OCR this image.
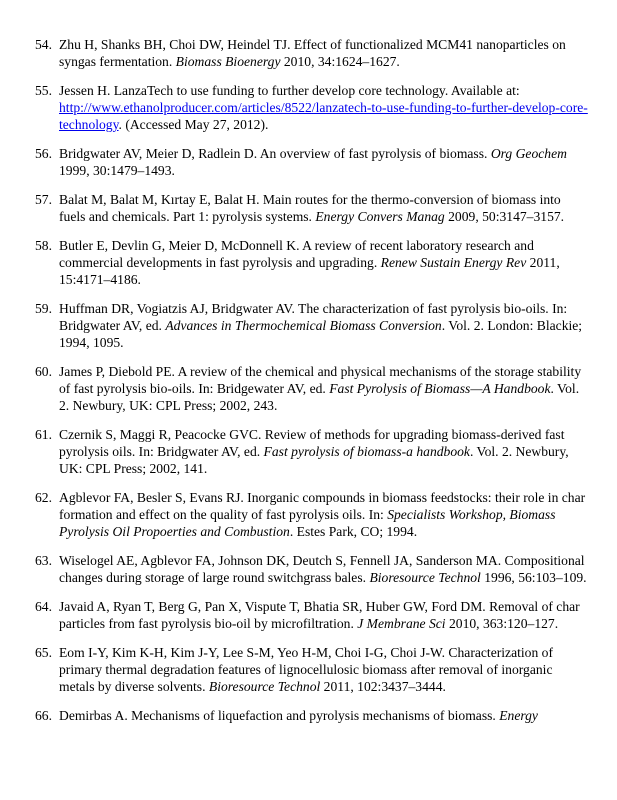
54. Zhu H, Shanks BH, Choi DW, Heindel TJ. Effect of functionalized MCM41 nanoparticles on syngas fermentation. Biomass Bioenergy 2010, 34:1624–1627.
55. Jessen H. LanzaTech to use funding to further develop core technology. Available at: http://www.ethanolproducer.com/articles/8522/lanzatech-to-use-funding-to-further-develop-core-technology. (Accessed May 27, 2012).
56. Bridgwater AV, Meier D, Radlein D. An overview of fast pyrolysis of biomass. Org Geochem 1999, 30:1479–1493.
57. Balat M, Balat M, Kırtay E, Balat H. Main routes for the thermo-conversion of biomass into fuels and chemicals. Part 1: pyrolysis systems. Energy Convers Manag 2009, 50:3147–3157.
58. Butler E, Devlin G, Meier D, McDonnell K. A review of recent laboratory research and commercial developments in fast pyrolysis and upgrading. Renew Sustain Energy Rev 2011, 15:4171–4186.
59. Huffman DR, Vogiatzis AJ, Bridgwater AV. The characterization of fast pyrolysis bio-oils. In: Bridgwater AV, ed. Advances in Thermochemical Biomass Conversion. Vol. 2. London: Blackie; 1994, 1095.
60. James P, Diebold PE. A review of the chemical and physical mechanisms of the storage stability of fast pyrolysis bio-oils. In: Bridgewater AV, ed. Fast Pyrolysis of Biomass—A Handbook. Vol. 2. Newbury, UK: CPL Press; 2002, 243.
61. Czernik S, Maggi R, Peacocke GVC. Review of methods for upgrading biomass-derived fast pyrolysis oils. In: Bridgwater AV, ed. Fast pyrolysis of biomass-a handbook. Vol. 2. Newbury, UK: CPL Press; 2002, 141.
62. Agblevor FA, Besler S, Evans RJ. Inorganic compounds in biomass feedstocks: their role in char formation and effect on the quality of fast pyrolysis oils. In: Specialists Workshop, Biomass Pyrolysis Oil Propoerties and Combustion. Estes Park, CO; 1994.
63. Wiselogel AE, Agblevor FA, Johnson DK, Deutch S, Fennell JA, Sanderson MA. Compositional changes during storage of large round switchgrass bales. Bioresource Technol 1996, 56:103–109.
64. Javaid A, Ryan T, Berg G, Pan X, Vispute T, Bhatia SR, Huber GW, Ford DM. Removal of char particles from fast pyrolysis bio-oil by microfiltration. J Membrane Sci 2010, 363:120–127.
65. Eom I-Y, Kim K-H, Kim J-Y, Lee S-M, Yeo H-M, Choi I-G, Choi J-W. Characterization of primary thermal degradation features of lignocellulosic biomass after removal of inorganic metals by diverse solvents. Bioresource Technol 2011, 102:3437–3444.
66. Demirbas A. Mechanisms of liquefaction and pyrolysis mechanisms of biomass. Energy
